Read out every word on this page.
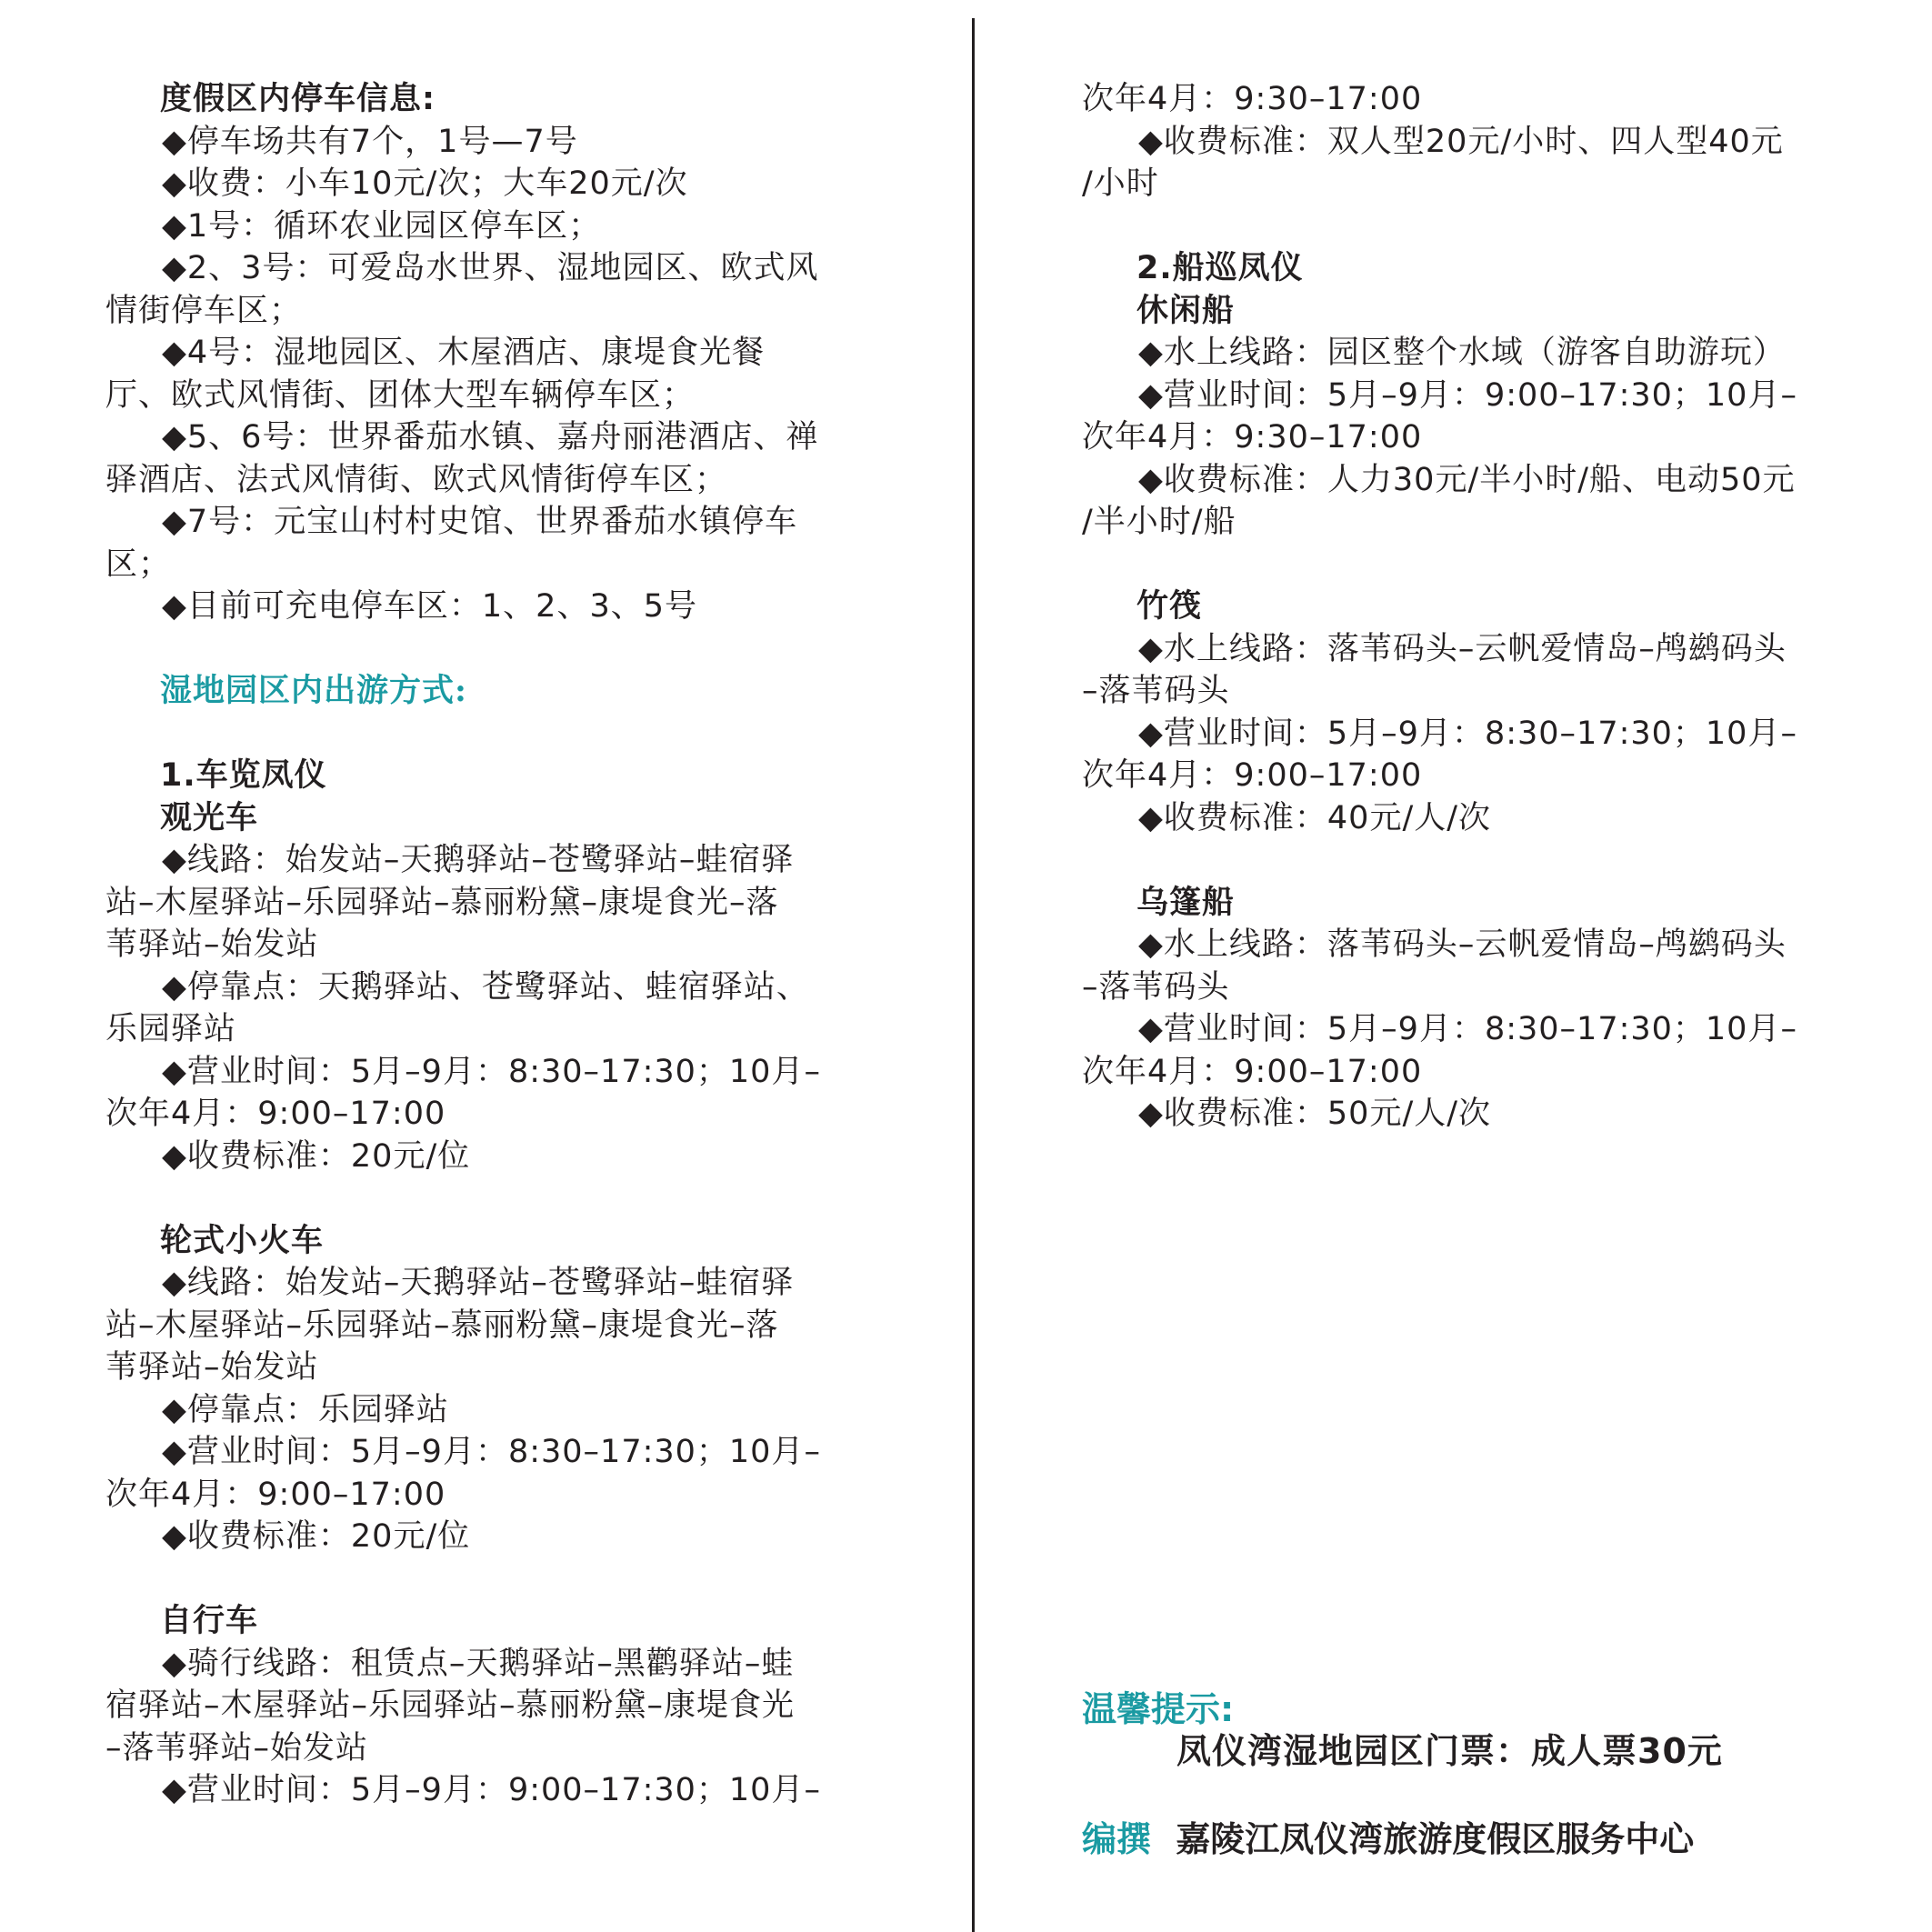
度假区内停车信息:

◆停车场共有7个，1号—7号

◆收费：小车10元/次；大车20元/次

◆1号：循环农业园区停车区；

◆2、3号：可爱岛水世界、湿地园区、欧式风

情街停车区；

◆4号：湿地园区、木屋酒店、康堤食光餐

厅、欧式风情街、团体大型车辆停车区；

◆5、6号：世界番茄水镇、嘉舟丽港酒店、禅

驿酒店、法式风情街、欧式风情街停车区；

◆7号：元宝山村村史馆、世界番茄水镇停车

区；

◆目前可充电停车区：1、2、3、5号

湿地园区内出游方式:

1.车览凤仪

观光车

◆线路：始发站–天鹅驿站–苍鹭驿站–蛙宿驿

站–木屋驿站–乐园驿站–慕丽粉黛–康堤食光–落

苇驿站–始发站

◆停靠点：天鹅驿站、苍鹭驿站、蛙宿驿站、

乐园驿站

◆营业时间：5月–9月：8:30–17:30；10月–

次年4月：9:00–17:00

◆收费标准：20元/位

轮式小火车

◆线路：始发站–天鹅驿站–苍鹭驿站–蛙宿驿

站–木屋驿站–乐园驿站–慕丽粉黛–康堤食光–落

苇驿站–始发站

◆停靠点：乐园驿站

◆营业时间：5月–9月：8:30–17:30；10月–

次年4月：9:00–17:00

◆收费标准：20元/位

自行车

◆骑行线路：租赁点–天鹅驿站–黑鹳驿站–蛙

宿驿站–木屋驿站–乐园驿站–慕丽粉黛–康堤食光

–落苇驿站–始发站

◆营业时间：5月–9月：9:00–17:30；10月–

次年4月：9:30–17:00

◆收费标准：双人型20元/小时、四人型40元

/小时

2.船巡凤仪

休闲船

◆水上线路：园区整个水域（游客自助游玩）

◆营业时间：5月–9月：9:00–17:30；10月–

次年4月：9:30–17:00

◆收费标准：人力30元/半小时/船、电动50元

/半小时/船

竹筏

◆水上线路：落苇码头–云帆爱情岛–鸬鹚码头

–落苇码头

◆营业时间：5月–9月：8:30–17:30；10月–

次年4月：9:00–17:00

◆收费标准：40元/人/次

乌篷船

◆水上线路：落苇码头–云帆爱情岛–鸬鹚码头

–落苇码头

◆营业时间：5月–9月：8:30–17:30；10月–

次年4月：9:00–17:00

◆收费标准：50元/人/次

温馨提示:

凤仪湾湿地园区门票：成人票30元

编撰 嘉陵江凤仪湾旅游度假区服务中心
